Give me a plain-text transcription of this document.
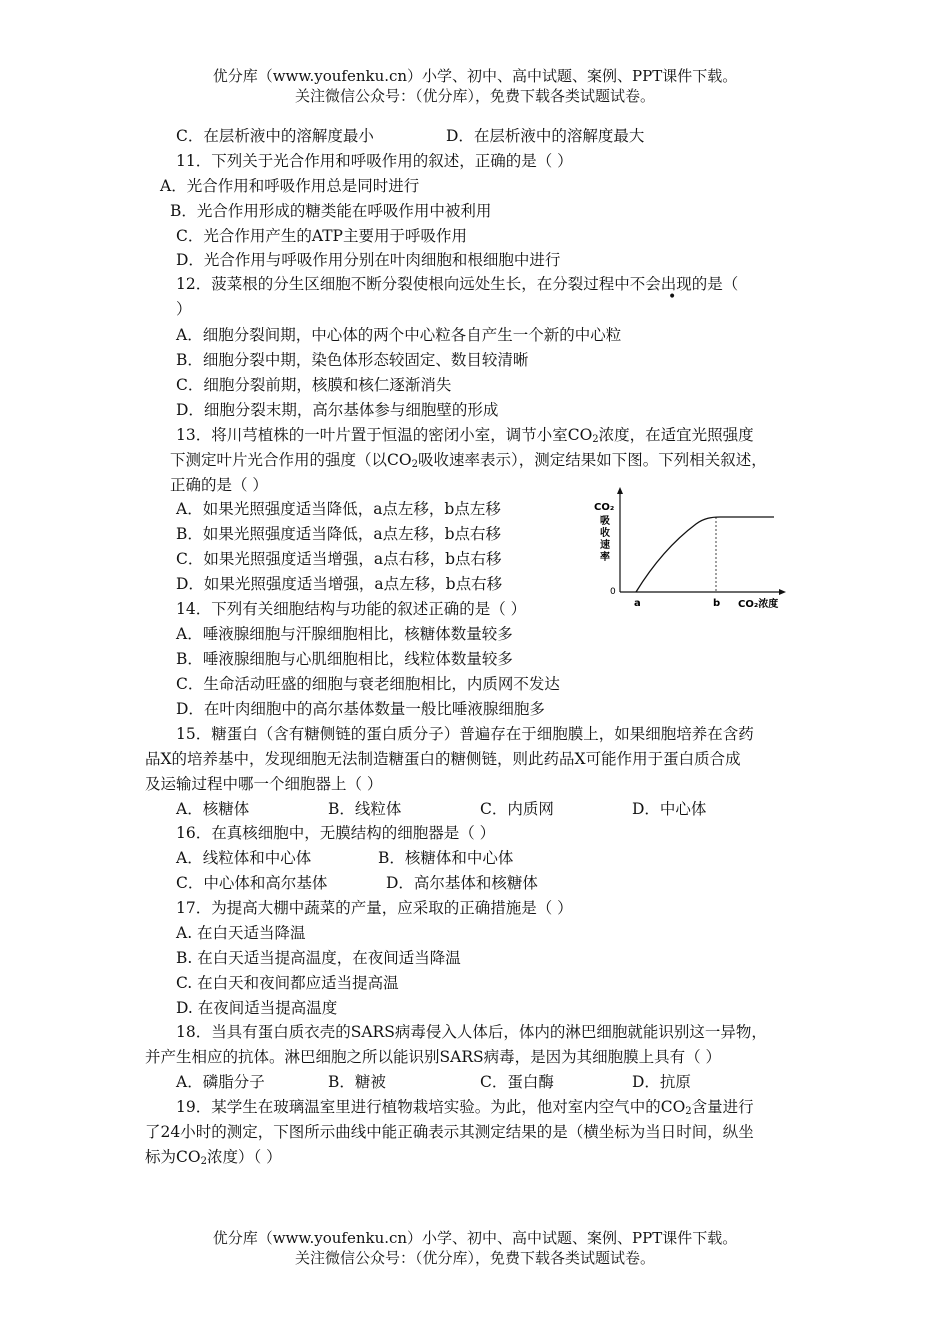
优分库（www.youfenku.cn）小学、初中、高中试题、案例、PPT课件下载。
关注微信公众号：（优分库），免费下载各类试题试卷。
C．在层析液中的溶解度最小	D．在层析液中的溶解度最大
11．下列关于光合作用和呼吸作用的叙述，正确的是（ ）
A．光合作用和呼吸作用总是同时进行
B．光合作用形成的糖类能在呼吸作用中被利用
C．光合作用产生的ATP主要用于呼吸作用
D．光合作用与呼吸作用分别在叶肉细胞和根细胞中进行
12．菠菜根的分生区细胞不断分裂使根向远处生长，在分裂过程中不会出现的是（
•
）
A．细胞分裂间期，中心体的两个中心粒各自产生一个新的中心粒
B．细胞分裂中期，染色体形态较固定、数目较清晰
C．细胞分裂前期，核膜和核仁逐渐消失
D．细胞分裂末期，高尔基体参与细胞壁的形成
13．将川芎植株的一叶片置于恒温的密闭小室，调节小室$CO_2$浓度，在适宜光照强度
下测定叶片光合作用的强度（以$CO_2$吸收速率表示），测定结果如下图。下列相关叙述，
正确的是（ ）
A．如果光照强度适当降低，a点左移，b点左移
B．如果光照强度适当降低，a点左移，b点右移
C．如果光照强度适当增强，a点右移，b点右移
D．如果光照强度适当增强，a点左移，b点右移
CO₂
吸收速率
0
a	b CO₂浓度
14．下列有关细胞结构与功能的叙述正确的是（ ）
A．唾液腺细胞与汗腺细胞相比，核糖体数量较多
B．唾液腺细胞与心肌细胞相比，线粒体数量较多
C．生命活动旺盛的细胞与衰老细胞相比，内质网不发达
D．在叶肉细胞中的高尔基体数量一般比唾液腺细胞多
15．糖蛋白（含有糖侧链的蛋白质分子）普遍存在于细胞膜上，如果细胞培养在含药
品X的培养基中，发现细胞无法制造糖蛋白的糖侧链，则此药品X可能作用于蛋白质合成
及运输过程中哪一个细胞器上（ ）
A．核糖体	B．线粒体	C．内质网	D．中心体
16．在真核细胞中，无膜结构的细胞器是（ ）
A．线粒体和中心体	B．核糖体和中心体
C．中心体和高尔基体	D．高尔基体和核糖体
17．为提高大棚中蔬菜的产量，应采取的正确措施是（ ）
A. 在白天适当降温
B. 在白天适当提高温度，在夜间适当降温
C. 在白天和夜间都应适当提高温
D. 在夜间适当提高温度
18．当具有蛋白质衣壳的SARS病毒侵入人体后，体内的淋巴细胞就能识别这一异物，
并产生相应的抗体。淋巴细胞之所以能识别SARS病毒，是因为其细胞膜上具有（ ）
A．磷脂分子	B．糖被	C．蛋白酶	D．抗原
19．某学生在玻璃温室里进行植物栽培实验。为此，他对室内空气中的$CO_2$含量进行
了24小时的测定，下图所示曲线中能正确表示其测定结果的是（横坐标为当日时间，纵坐
标为$CO_2$浓度）（ ）
优分库（www.youfenku.cn）小学、初中、高中试题、案例、PPT课件下载。
关注微信公众号：（优分库），免费下载各类试题试卷。
